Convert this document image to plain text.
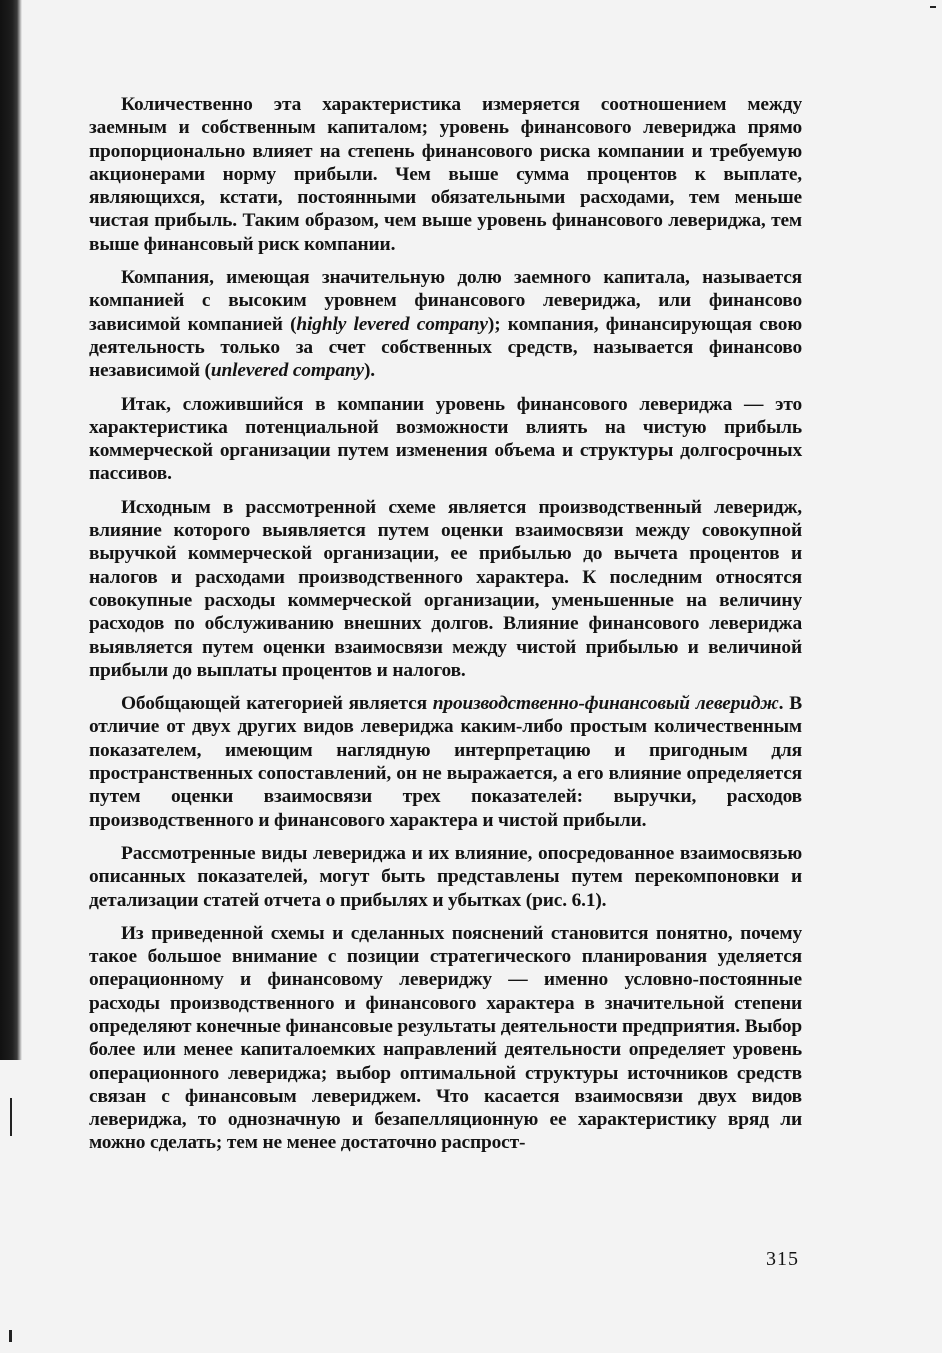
Количественно эта характеристика измеряется соотношением между заемным и собственным капиталом; уровень финансового левериджа прямо пропорционально влияет на степень финансового риска компании и требуемую акционерами норму прибыли. Чем выше сумма процентов к выплате, являющихся, кстати, постоянными обязательными расходами, тем меньше чистая прибыль. Таким образом, чем выше уровень финансового левериджа, тем выше финансовый риск компании.

Компания, имеющая значительную долю заемного капитала, называется компанией с высоким уровнем финансового левериджа, или финансово зависимой компанией (highly levered company); компания, финансирующая свою деятельность только за счет собственных средств, называется финансово независимой (unlevered company).

Итак, сложившийся в компании уровень финансового левериджа — это характеристика потенциальной возможности влиять на чистую прибыль коммерческой организации путем изменения объема и структуры долгосрочных пассивов.

Исходным в рассмотренной схеме является производственный леверидж, влияние которого выявляется путем оценки взаимосвязи между совокупной выручкой коммерческой организации, ее прибылью до вычета процентов и налогов и расходами производственного характера. К последним относятся совокупные расходы коммерческой организации, уменьшенные на величину расходов по обслуживанию внешних долгов. Влияние финансового левериджа выявляется путем оценки взаимосвязи между чистой прибылью и величиной прибыли до выплаты процентов и налогов.

Обобщающей категорией является производственно-финансовый леверидж. В отличие от двух других видов левериджа каким-либо простым количественным показателем, имеющим наглядную интерпретацию и пригодным для пространственных сопоставлений, он не выражается, а его влияние определяется путем оценки взаимосвязи трех показателей: выручки, расходов производственного и финансового характера и чистой прибыли.

Рассмотренные виды левериджа и их влияние, опосредованное взаимосвязью описанных показателей, могут быть представлены путем перекомпоновки и детализации статей отчета о прибылях и убытках (рис. 6.1).

Из приведенной схемы и сделанных пояснений становится понятно, почему такое большое внимание с позиции стратегического планирования уделяется операционному и финансовому левериджу — именно условно-постоянные расходы производственного и финансового характера в значительной степени определяют конечные финансовые результаты деятельности предприятия. Выбор более или менее капиталоемких направлений деятельности определяет уровень операционного левериджа; выбор оптимальной структуры источников средств связан с финансовым левериджем. Что касается взаимосвязи двух видов левериджа, то однозначную и безапелляционную ее характеристику вряд ли можно сделать; тем не менее достаточно распрост-

315
